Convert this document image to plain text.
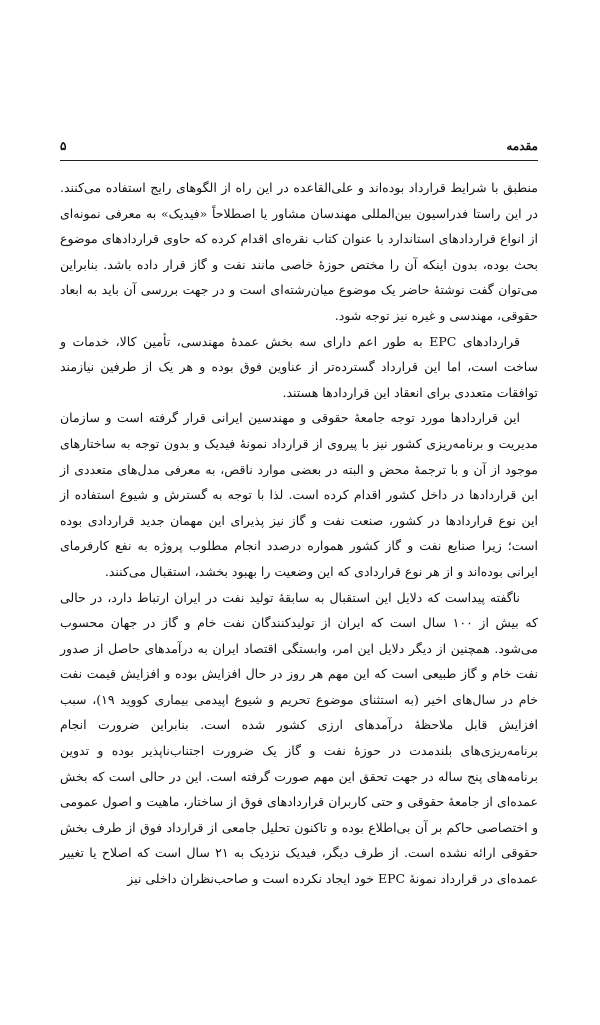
مقدمه
۵

منطبق با شرایط قرارداد بوده‌اند و علی‌القاعده در این راه از الگوهای رایج استفاده می‌کنند. در این راستا فدراسیون بین‌المللی مهندسان مشاور یا اصطلاحاً «فیدیک» به معرفی نمونه‌ای از انواع قراردادهای استاندارد با عنوان کتاب نقره‌ای اقدام کرده که حاوی قراردادهای موضوع بحث بوده، بدون اینکه آن را مختص حوزهٔ خاصی مانند نفت و گاز قرار داده باشد. بنابراین می‌توان گفت نوشتهٔ حاضر یک موضوع میان‌رشته‌ای است و در جهت بررسی آن باید به ابعاد حقوقی، مهندسی و غیره نیز توجه شود.

قراردادهای EPC به طور اعم دارای سه بخش عمدهٔ مهندسی، تأمین کالا، خدمات و ساخت است، اما این قرارداد گسترده‌تر از عناوین فوق بوده و هر یک از طرفین نیازمند توافقات متعددی برای انعقاد این قراردادها هستند.

این قراردادها مورد توجه جامعهٔ حقوقی و مهندسین ایرانی قرار گرفته است و سازمان مدیریت و برنامه‌ریزی کشور نیز با پیروی از قرارداد نمونهٔ فیدیک و بدون توجه به ساختارهای موجود از آن و با ترجمهٔ محض و البته در بعضی موارد ناقص، به معرفی مدل‌های متعددی از این قراردادها در داخل کشور اقدام کرده است. لذا با توجه به گسترش و شیوع استفاده از این نوع قراردادها در کشور، صنعت نفت و گاز نیز پذیرای این مهمان جدید قراردادی بوده است؛ زیرا صنایع نفت و گاز کشور همواره درصدد انجام مطلوب پروژه به نفع کارفرمای ایرانی بوده‌اند و از هر نوع قراردادی که این وضعیت را بهبود بخشد، استقبال می‌کنند.

ناگفته پیداست که دلایل این استقبال به سابقهٔ تولید نفت در ایران ارتباط دارد، در حالی که بیش از ۱۰۰ سال است که ایران از تولیدکنندگان نفت خام و گاز در جهان محسوب می‌شود. همچنین از دیگر دلایل این امر، وابستگی اقتصاد ایران به درآمدهای حاصل از صدور نفت خام و گاز طبیعی است که این مهم هر روز در حال افزایش بوده و افزایش قیمت نفت خام در سال‌های اخیر (به استثنای موضوع تحریم و شیوع اپیدمی بیماری کووید ۱۹)، سبب افزایش قابل ملاحظهٔ درآمدهای ارزی کشور شده است. بنابراین ضرورت انجام برنامه‌ریزی‌های بلندمدت در حوزهٔ نفت و گاز یک ضرورت اجتناب‌ناپذیر بوده و تدوین برنامه‌های پنج ساله در جهت تحقق این مهم صورت گرفته است. این در حالی است که بخش عمده‌ای از جامعهٔ حقوقی و حتی کاربران قراردادهای فوق از ساختار، ماهیت و اصول عمومی و اختصاصی حاکم بر آن بی‌اطلاع بوده و تاکنون تحلیل جامعی از قرارداد فوق از طرف بخش حقوقی ارائه نشده است. از طرف دیگر، فیدیک نزدیک به ۲۱ سال است که اصلاح یا تغییر عمده‌ای در قرارداد نمونهٔ EPC خود ایجاد نکرده است و صاحب‌نظران داخلی نیز
